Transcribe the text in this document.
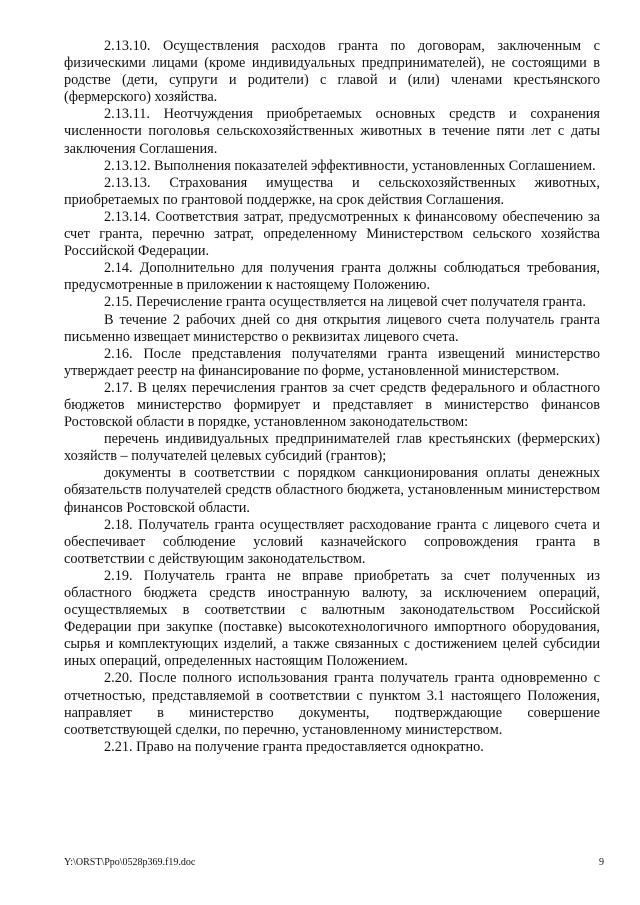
2.13.10. Осуществления расходов гранта по договорам, заключенным с физическими лицами (кроме индивидуальных предпринимателей), не состоящими в родстве (дети, супруги и родители) с главой и (или) членами крестьянского (фермерского) хозяйства.

2.13.11. Неотчуждения приобретаемых основных средств и сохранения численности поголовья сельскохозяйственных животных в течение пяти лет с даты заключения Соглашения.

2.13.12. Выполнения показателей эффективности, установленных Соглашением.

2.13.13. Страхования имущества и сельскохозяйственных животных, приобретаемых по грантовой поддержке, на срок действия Соглашения.

2.13.14. Соответствия затрат, предусмотренных к финансовому обеспечению за счет гранта, перечню затрат, определенному Министерством сельского хозяйства Российской Федерации.

2.14. Дополнительно для получения гранта должны соблюдаться требования, предусмотренные в приложении к настоящему Положению.

2.15. Перечисление гранта осуществляется на лицевой счет получателя гранта.

В течение 2 рабочих дней со дня открытия лицевого счета получатель гранта письменно извещает министерство о реквизитах лицевого счета.

2.16. После представления получателями гранта извещений министерство утверждает реестр на финансирование по форме, установленной министерством.

2.17. В целях перечисления грантов за счет средств федерального и областного бюджетов министерство формирует и представляет в министерство финансов Ростовской области в порядке, установленном законодательством:

перечень индивидуальных предпринимателей глав крестьянских (фермерских) хозяйств – получателей целевых субсидий (грантов);

документы в соответствии с порядком санкционирования оплаты денежных обязательств получателей средств областного бюджета, установленным министерством финансов Ростовской области.

2.18. Получатель гранта осуществляет расходование гранта с лицевого счета и обеспечивает соблюдение условий казначейского сопровождения гранта в соответствии с действующим законодательством.

2.19. Получатель гранта не вправе приобретать за счет полученных из областного бюджета средств иностранную валюту, за исключением операций, осуществляемых в соответствии с валютным законодательством Российской Федерации при закупке (поставке) высокотехнологичного импортного оборудования, сырья и комплектующих изделий, а также связанных с достижением целей субсидии иных операций, определенных настоящим Положением.

2.20. После полного использования гранта получатель гранта одновременно с отчетностью, представляемой в соответствии с пунктом 3.1 настоящего Положения, направляет в министерство документы, подтверждающие совершение соответствующей сделки, по перечню, установленному министерством.

2.21. Право на получение гранта предоставляется однократно.

Y:\ORST\Ppo\0528p369.f19.doc	9
